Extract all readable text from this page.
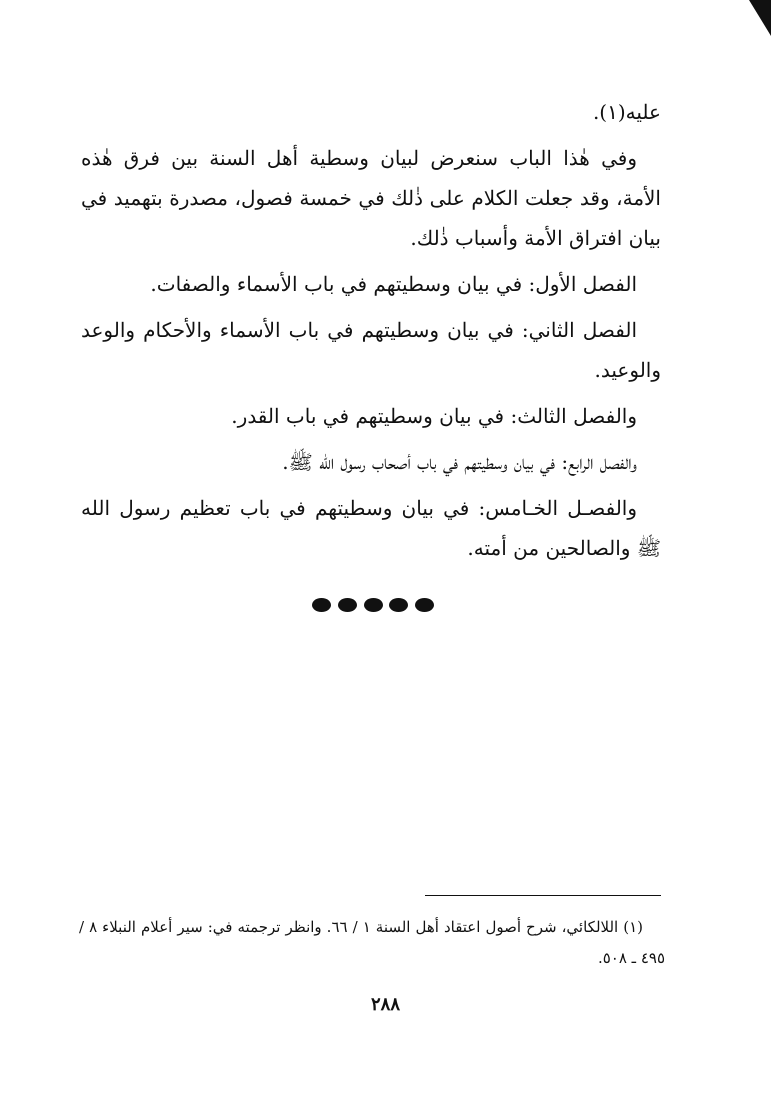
عليه(١).

وفي هٰذا الباب سنعرض لبيان وسطية أهل السنة بين فرق هٰذه الأمة، وقد جعلت الكلام على ذٰلك في خمسة فصول، مصدرة بتهميد في بيان افتراق الأمة وأسباب ذٰلك.

الفصل الأول: في بيان وسطيتهم في باب الأسماء والصفات.

الفصل الثاني: في بيان وسطيتهم في باب الأسماء والأحكام والوعد والوعيد.

والفصل الثالث: في بيان وسطيتهم في باب القدر.

والفصل الرابع: في بيان وسطيتهم في باب أصحاب رسول الله ﷺ.

والفصـل الخـامس: في بيان وسطيتهم في باب تعظيم رسول الله ﷺ والصالحين من أمته.

(١) اللالكائي، شرح أصول اعتقاد أهل السنة ١ / ٦٦. وانظر ترجمته في: سير أعلام النبلاء ٨ / ٤٩٥ ـ ٥٠٨.

٢٨٨
